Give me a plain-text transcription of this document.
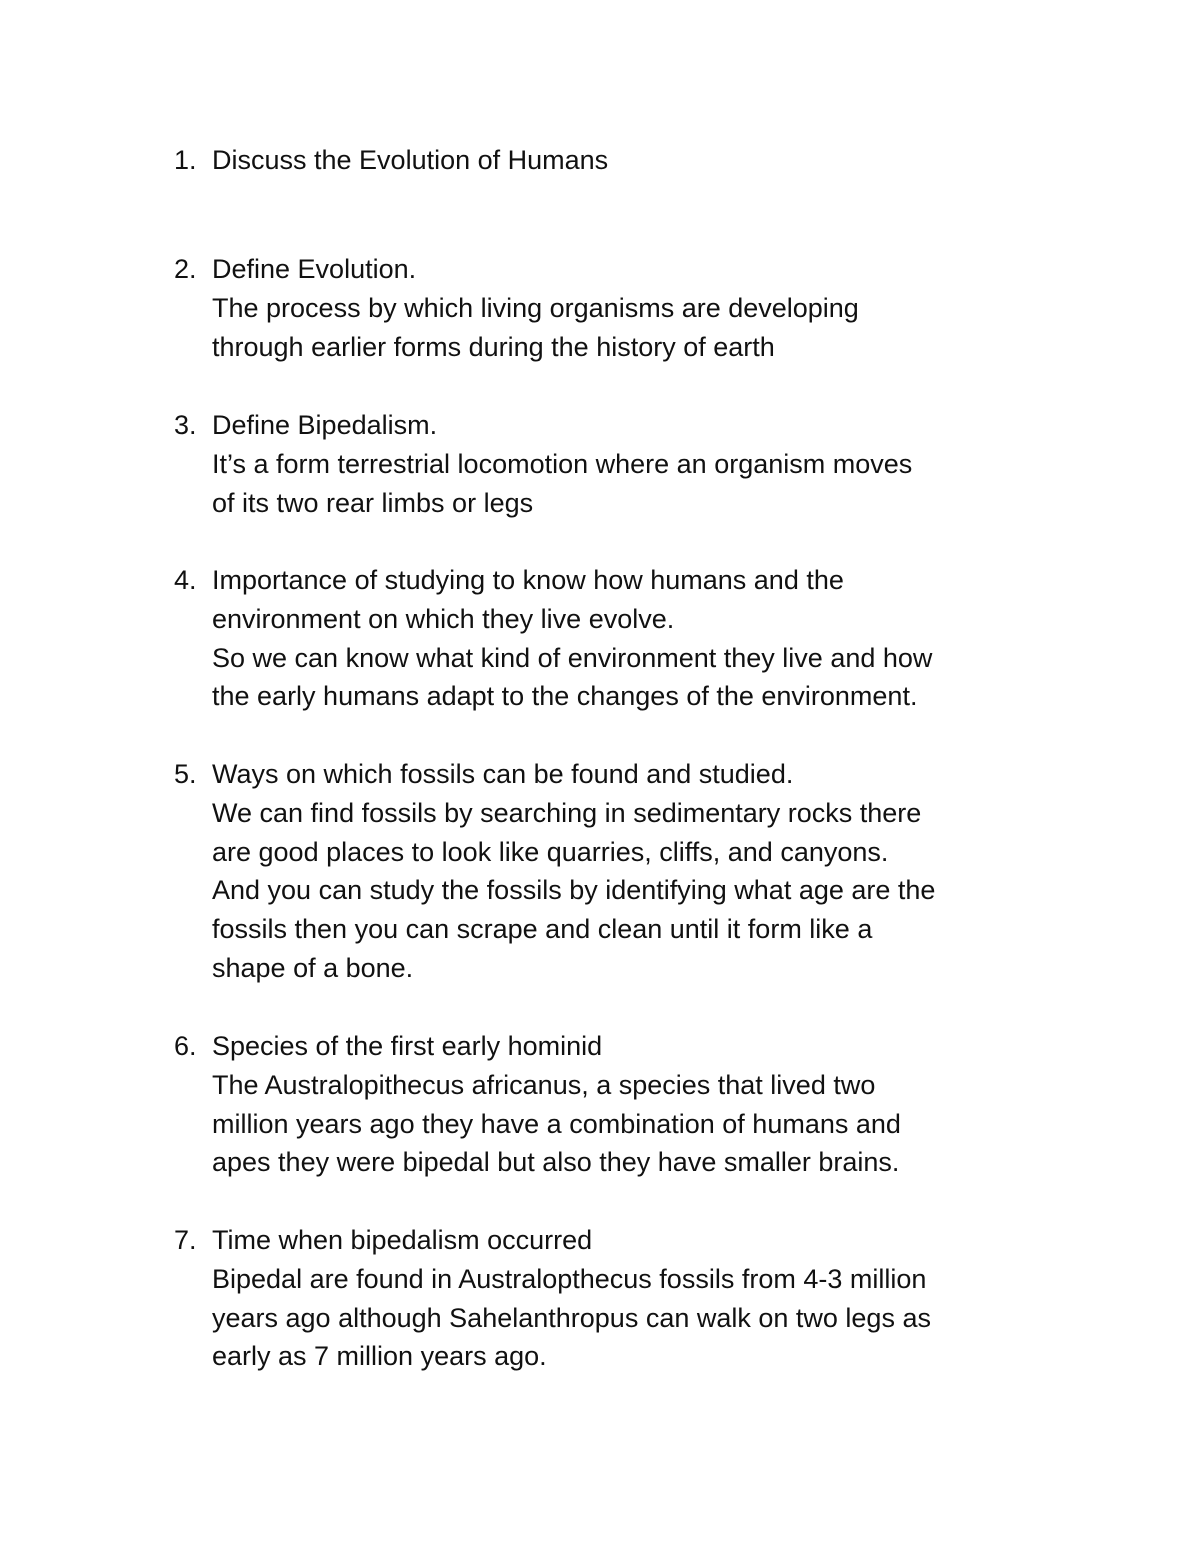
1. Discuss the Evolution of Humans
2. Define Evolution.
The process by which living organisms are developing
through earlier forms during the history of earth
3. Define Bipedalism.
It’s a form terrestrial locomotion where an organism moves
of its two rear limbs or legs
4. Importance of studying to know how humans and the
environment on which they live evolve.
So we can know what kind of environment they live and how
the early humans adapt to the changes of the environment.
5. Ways on which fossils can be found and studied.
We can find fossils by searching in sedimentary rocks there
are good places to look like quarries, cliffs, and canyons.
And you can study the fossils by identifying what age are the
fossils then you can scrape and clean until it form like a
shape of a bone.
6. Species of the first early hominid
The Australopithecus africanus, a species that lived two
million years ago they have a combination of humans and
apes they were bipedal but also they have smaller brains.
7. Time when bipedalism occurred
Bipedal are found in Australopthecus fossils from 4-3 million
years ago although Sahelanthropus can walk on two legs as
early as 7 million years ago.
